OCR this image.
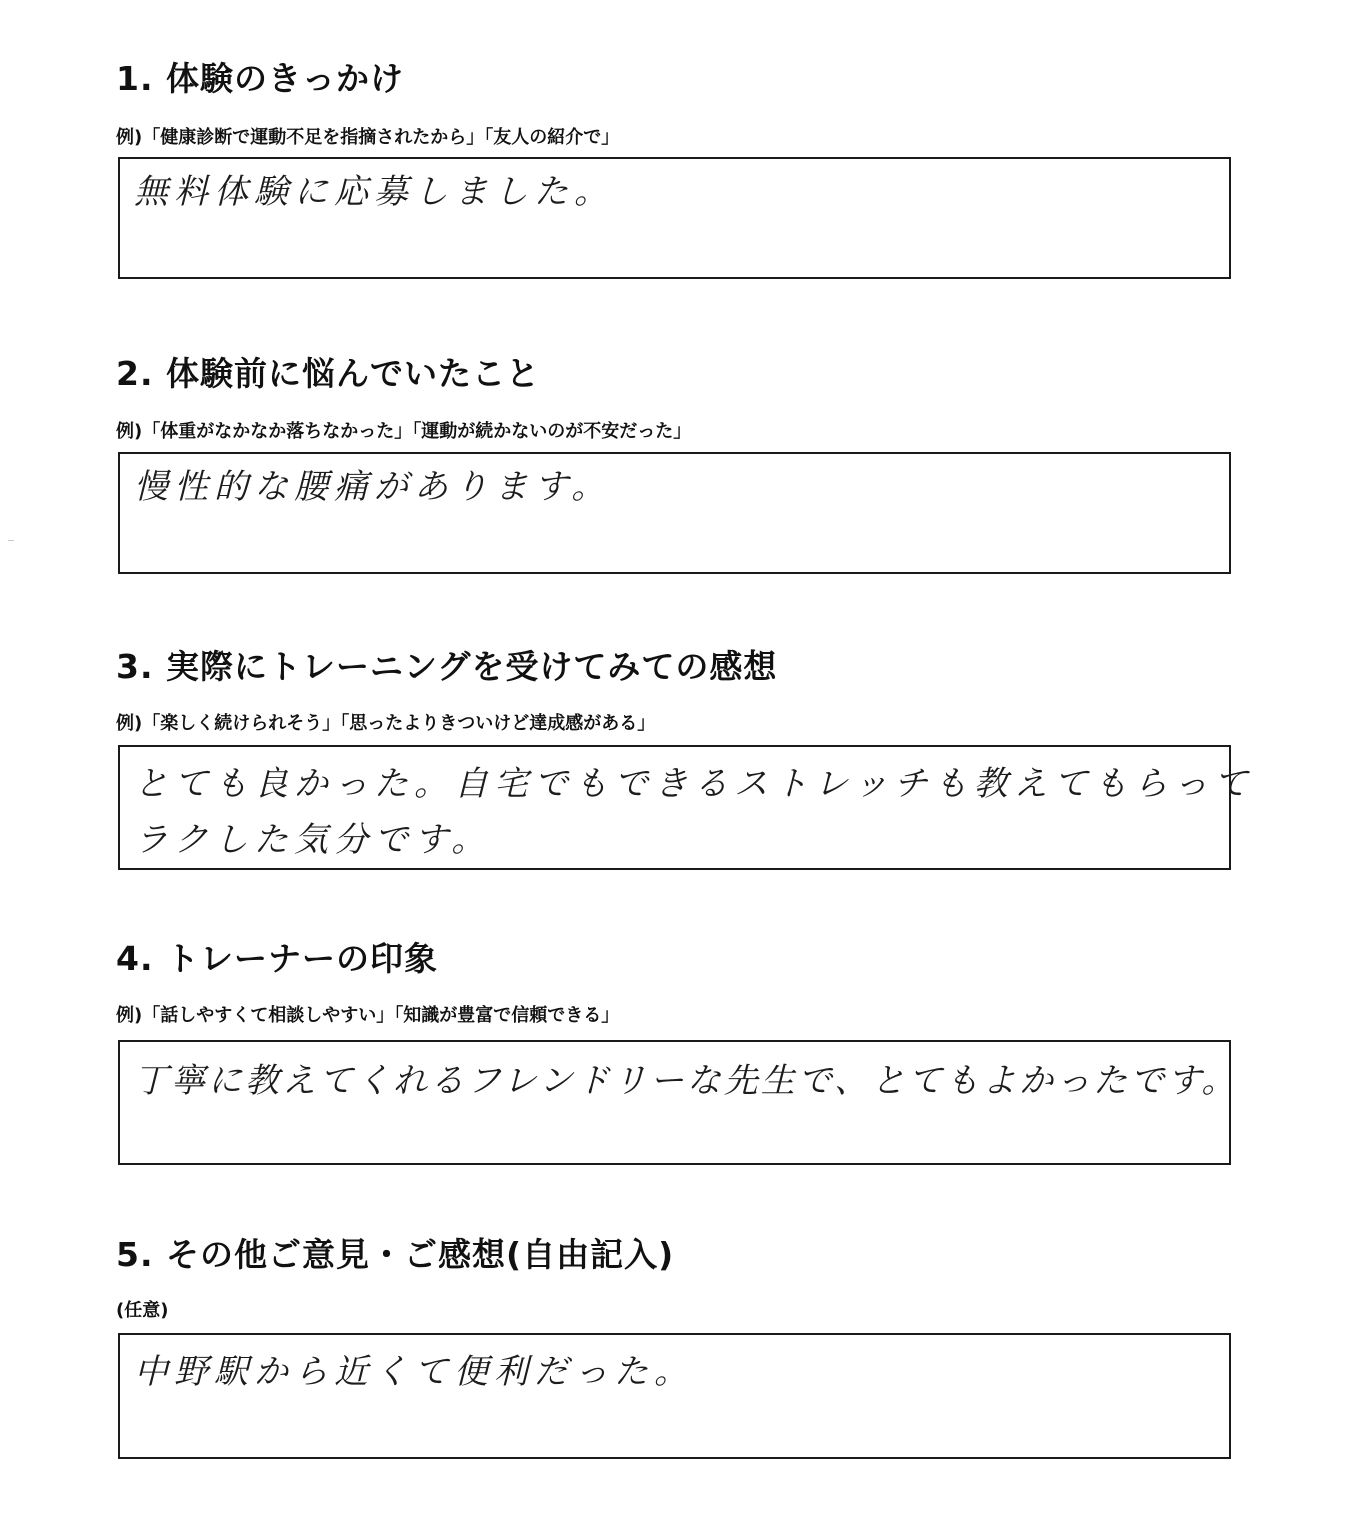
1. 体験のきっかけ
例)「健康診断で運動不足を指摘されたから」「友人の紹介で」
無料体験に応募しました。
2. 体験前に悩んでいたこと
例)「体重がなかなか落ちなかった」「運動が続かないのが不安だった」
慢性的な腰痛があります。
3. 実際にトレーニングを受けてみての感想
例)「楽しく続けられそう」「思ったよりきついけど達成感がある」
とても良かった。自宅でもできるストレッチも教えてもらって
ラクした気分です。
4. トレーナーの印象
例)「話しやすくて相談しやすい」「知識が豊富で信頼できる」
丁寧に教えてくれるフレンドリーな先生で、とてもよかったです。
5. その他ご意見・ご感想(自由記入)
(任意)
中野駅から近くて便利だった。
